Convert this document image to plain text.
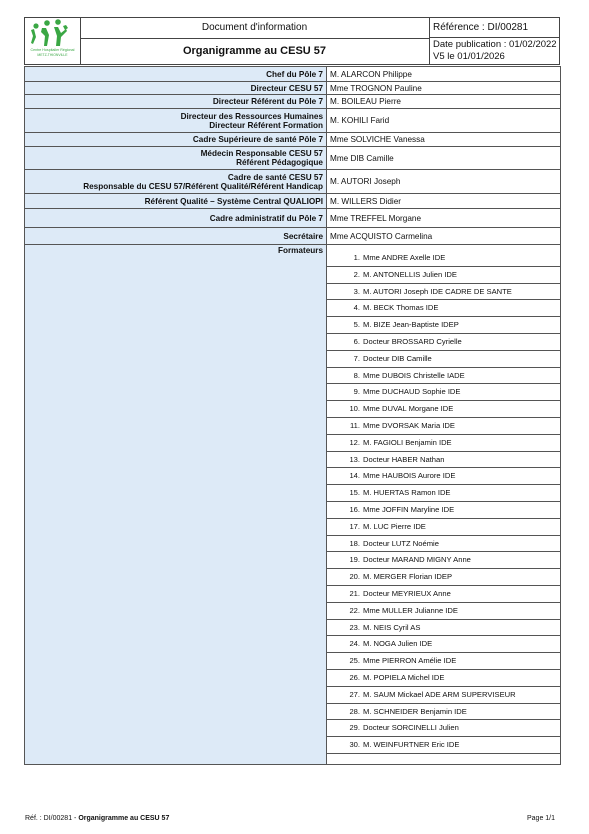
Centre Hospitalier Régional
METZ-THIONVILLE
Document d'information
Organigramme au CESU 57
Référence : DI/00281
Date publication : 01/02/2022
V5 le 01/01/2026
Chef du Pôle 7	M. ALARCON Philippe
Directeur CESU 57	Mme TROGNON Pauline
Directeur Référent du Pôle 7	M. BOILEAU Pierre

Directeur des Ressources Humaines
Directeur Référent Formation	M. KOHILI Farid
Cadre Supérieure de santé Pôle 7	Mme SOLVICHE Vanessa

Médecin Responsable CESU 57
Référent Pédagogique	Mme DIB Camille

Cadre de santé CESU 57
Responsable du CESU 57/Référent Qualité/Référent Handicap	M. AUTORI Joseph
Référent Qualité – Système Central QUALIOPI	M. WILLERS Didier
Cadre administratif du Pôle 7	Mme TREFFEL Morgane
Secrétaire	Mme ACQUISTO Carmelina
Formateurs	
1. Mme ANDRE Axelle IDE
2. M. ANTONELLIS Julien IDE
3. M. AUTORI Joseph IDE CADRE DE SANTE
4. M. BECK Thomas IDE
5. M. BIZE Jean-Baptiste IDEP
6. Docteur BROSSARD Cyrielle
7. Docteur DIB Camille
8. Mme DUBOIS Christelle IADE
9. Mme DUCHAUD Sophie IDE
10. Mme DUVAL Morgane IDE
11. Mme DVORSAK Maria IDE
12. M. FAGIOLI Benjamin IDE
13. Docteur HABER Nathan
14. Mme HAUBOIS Aurore IDE
15. M. HUERTAS Ramon IDE
16. Mme JOFFIN Maryline IDE
17. M. LUC Pierre IDE
18. Docteur LUTZ Noémie
19. Docteur MARAND MIGNY Anne
20. M. MERGER Florian IDEP
21. Docteur MEYRIEUX Anne
22. Mme MULLER Julianne IDE
23. M. NEIS Cyril AS
24. M. NOGA Julien IDE
25. Mme PIERRON Amélie IDE
26. M. POPIELA Michel IDE
27. M. SAUM Mickael ADE ARM SUPERVISEUR
28. M. SCHNEIDER Benjamin IDE
29. Docteur SORCINELLI Julien
30. M. WEINFURTNER Eric IDE
Réf. : DI/00281 - Organigramme au CESU 57	Page 1/1
